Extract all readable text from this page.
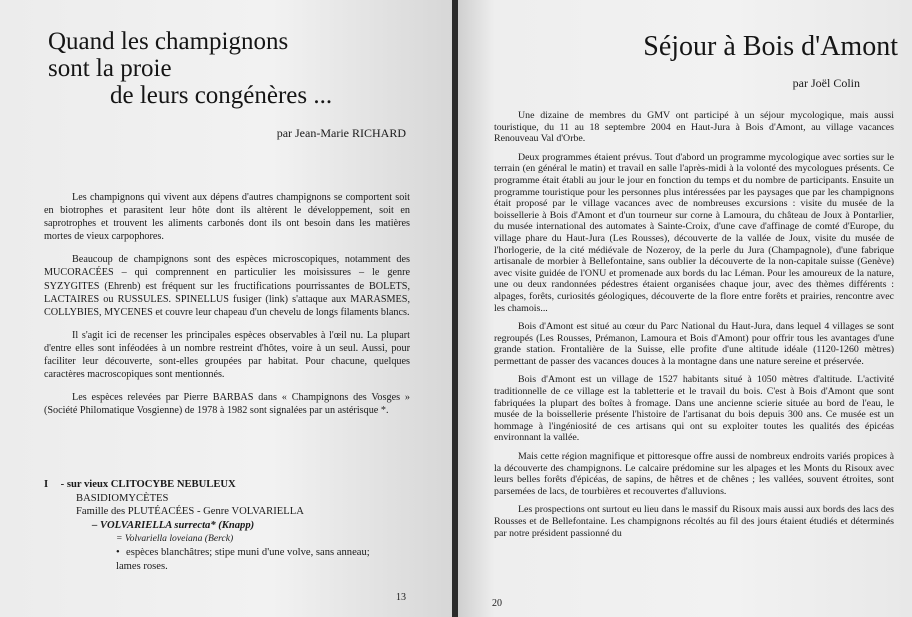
Quand les champignons
sont la proie
de leurs congénères ...
par Jean-Marie RICHARD

Les champignons qui vivent aux dépens d'autres champignons se comportent soit en biotrophes et parasitent leur hôte dont ils altèrent le développement, soit en saprotrophes et trouvent les aliments carbonés dont ils ont besoin dans les matières mortes de vieux carpophores.

Beaucoup de champignons sont des espèces microscopiques, notamment des MUCORACÉES – qui comprennent en particulier les moisissures – le genre SYZYGITES (Ehrenb) est fréquent sur les fructifications pourrissantes de BOLETS, LACTAIRES ou RUSSULES. SPINELLUS fusiger (link) s'attaque aux MARASMES, COLLYBIES, MYCENES et couvre leur chapeau d'un chevelu de longs filaments blancs.

Il s'agit ici de recenser les principales espèces observables à l'œil nu. La plupart d'entre elles sont inféodées à un nombre restreint d'hôtes, voire à un seul. Aussi, pour faciliter leur découverte, sont-elles groupées par habitat. Pour chacune, quelques caractères macroscopiques sont mentionnés.

Les espèces relevées par Pierre BARBAS dans « Champignons des Vosges » (Société Philomatique Vosgienne) de 1978 à 1982 sont signalées par un astérisque *.

I - sur vieux CLITOCYBE NEBULEUX
BASIDIOMYCÈTES
Famille des PLUTÉACÉES - Genre VOLVARIELLA
– VOLVARIELLA surrecta* (Knapp)
= Volvariella loveiana (Berck)
• espèces blanchâtres; stipe muni d'une volve, sans anneau;
lames roses.
13
Séjour à Bois d'Amont
par Joël Colin

Une dizaine de membres du GMV ont participé à un séjour mycologique, mais aussi touristique, du 11 au 18 septembre 2004 en Haut-Jura à Bois d'Amont, au village vacances Renouveau Val d'Orbe.

Deux programmes étaient prévus. Tout d'abord un programme mycologique avec sorties sur le terrain (en général le matin) et travail en salle l'après-midi à la volonté des mycologues présents. Ce programme était établi au jour le jour en fonction du temps et du nombre de participants. Ensuite un programme touristique pour les personnes plus intéressées par les paysages que par les champignons était proposé par le village vacances avec de nombreuses excursions : visite du musée de la boissellerie à Bois d'Amont et d'un tourneur sur corne à Lamoura, du château de Joux à Pontarlier, du musée international des automates à Sainte-Croix, d'une cave d'affinage de comté d'Europe, du village phare du Haut-Jura (Les Rousses), découverte de la vallée de Joux, visite du musée de l'horlogerie, de la cité médiévale de Nozeroy, de la perle du Jura (Champagnole), d'une fabrique artisanale de morbier à Bellefontaine, sans oublier la découverte de la non-capitale suisse (Genève) avec visite guidée de l'ONU et promenade aux bords du lac Léman. Pour les amoureux de la nature, une ou deux randonnées pédestres étaient organisées chaque jour, avec des thèmes différents : alpages, forêts, curiosités géologiques, découverte de la flore entre forêts et prairies, rencontre avec les chamois...

Bois d'Amont est situé au cœur du Parc National du Haut-Jura, dans lequel 4 villages se sont regroupés (Les Rousses, Prémanon, Lamoura et Bois d'Amont) pour offrir tous les avantages d'une grande station. Frontalière de la Suisse, elle profite d'une altitude idéale (1120-1260 mètres) permettant de passer des vacances douces à la montagne dans une nature sereine et préservée.

Bois d'Amont est un village de 1527 habitants situé à 1050 mètres d'altitude. L'activité traditionnelle de ce village est la tabletterie et le travail du bois. C'est à Bois d'Amont que sont fabriquées la plupart des boîtes à fromage. Dans une ancienne scierie située au bord de l'eau, le musée de la boissellerie présente l'histoire de l'artisanat du bois depuis 300 ans. Ce musée est un hommage à l'ingéniosité de ces artisans qui ont su exploiter toutes les qualités des épicéas environnant la vallée.

Mais cette région magnifique et pittoresque offre aussi de nombreux endroits variés propices à la découverte des champignons. Le calcaire prédomine sur les alpages et les Monts du Risoux avec leurs belles forêts d'épicéas, de sapins, de hêtres et de chênes ; les vallées, souvent étroites, sont parsemées de lacs, de tourbières et recouvertes d'alluvions.

Les prospections ont surtout eu lieu dans le massif du Risoux mais aussi aux bords des lacs des Rousses et de Bellefontaine. Les champignons récoltés au fil des jours étaient étudiés et déterminés par notre président passionné du

20
